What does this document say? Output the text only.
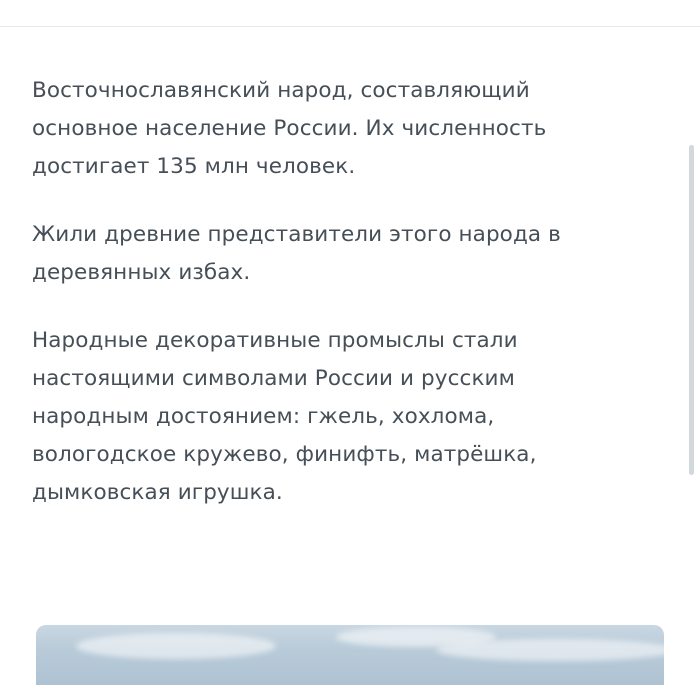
Восточнославянский народ, составляющий основное население России. Их численность достигает 135 млн человек.

Жили древние представители этого народа в деревянных избах.

Народные декоративные промыслы стали настоящими символами России и русским народным достоянием: гжель, хохлома, вологодское кружево, финифть, матрёшка, дымковская игрушка.
